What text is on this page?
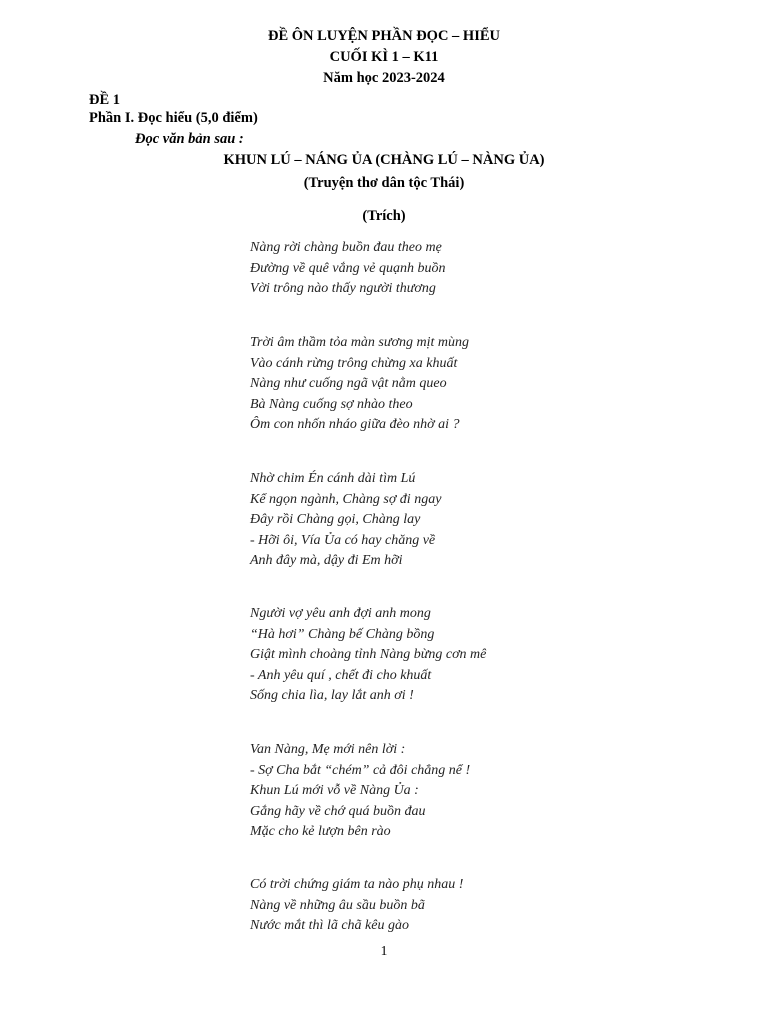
ĐỀ ÔN LUYỆN PHẦN ĐỌC – HIỂU
CUỐI KÌ 1 – K11
Năm học 2023-2024
ĐỀ 1
Phần I. Đọc hiểu (5,0 điểm)
Đọc văn bản sau :
KHUN LÚ – NÁNG ỦA (CHÀNG LÚ – NÀNG ỦA)
(Truyện thơ dân tộc Thái)
(Trích)
Nàng rời chàng buồn đau theo mẹ
Đường về quê vắng vẻ quạnh buồn
Vời trông nào thấy người thương
Trời âm thầm tỏa màn sương mịt mùng
Vào cánh rừng trông chừng xa khuất
Nàng như cuống ngã vật nằm queo
Bà Nàng cuống sợ nhào theo
Ôm con nhốn nháo giữa đèo nhờ ai ?
Nhờ chim Én cánh dài tìm Lú
Kể ngọn ngành, Chàng sợ đi ngay
Đây rồi Chàng gọi, Chàng lay
- Hỡi ôi, Vía Ủa có hay chăng về
Anh đây mà, dậy đi Em hỡi
Người vợ yêu anh đợi anh mong
“Hà hơi” Chàng bế Chàng bồng
Giật mình choàng tỉnh Nàng bừng cơn mê
- Anh yêu quí , chết đi cho khuất
Sống chia lìa, lay lắt anh ơi !
Van Nàng, Mẹ mới nên lời :
- Sợ Cha bắt “chém” cả đôi chẳng nể !
Khun Lú mới vỗ về Nàng Ủa :
Gắng hãy về chớ quá buồn đau
Mặc cho kẻ lượn bên rào
Có trời chứng giám ta nào phụ nhau !
Nàng về những âu sầu buồn bã
Nước mắt thì lã chã kêu gào
1
